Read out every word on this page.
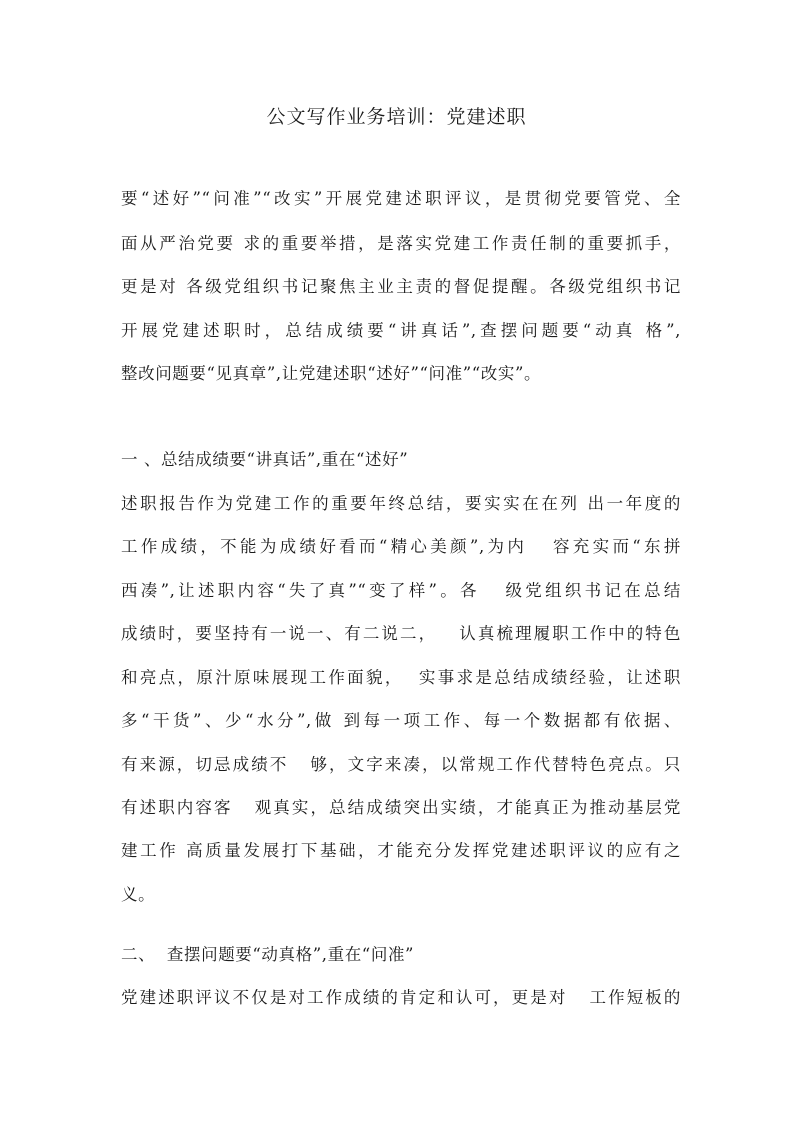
公文写作业务培训：党建述职
要“述好”“问准”“改实”开展党建述职评议，是贯彻党要管党、全
面从严治党要 求的重要举措，是落实党建工作责任制的重要抓手，
更是对 各级党组织书记聚焦主业主责的督促提醒。各级党组织书记
开展党建述职时，总结成绩要“讲真话”,查摆问题要“动真 格”,
整改问题要“见真章”,让党建述职“述好”“问准”“改实”。
一 、总结成绩要“讲真话”,重在“述好”
述职报告作为党建工作的重要年终总结，要实实在在列 出一年度的
工作成绩，不能为成绩好看而“精心美颜”,为内   容充实而“东拼
西凑”,让述职内容“失了真”“变了样”。各   级党组织书记在总结
成绩时，要坚持有一说一、有二说二，   认真梳理履职工作中的特色
和亮点，原汁原味展现工作面貌，  实事求是总结成绩经验，让述职
多“干货”、少“水分”,做 到每一项工作、每一个数据都有依据、
有来源，切忌成绩不   够，文字来凑，以常规工作代替特色亮点。只
有述职内容客   观真实，总结成绩突出实绩，才能真正为推动基层党
建工作 高质量发展打下基础，才能充分发挥党建述职评议的应有之
义。
二、  查摆问题要“动真格”,重在“问准”
党建述职评议不仅是对工作成绩的肯定和认可，更是对   工作短板的
